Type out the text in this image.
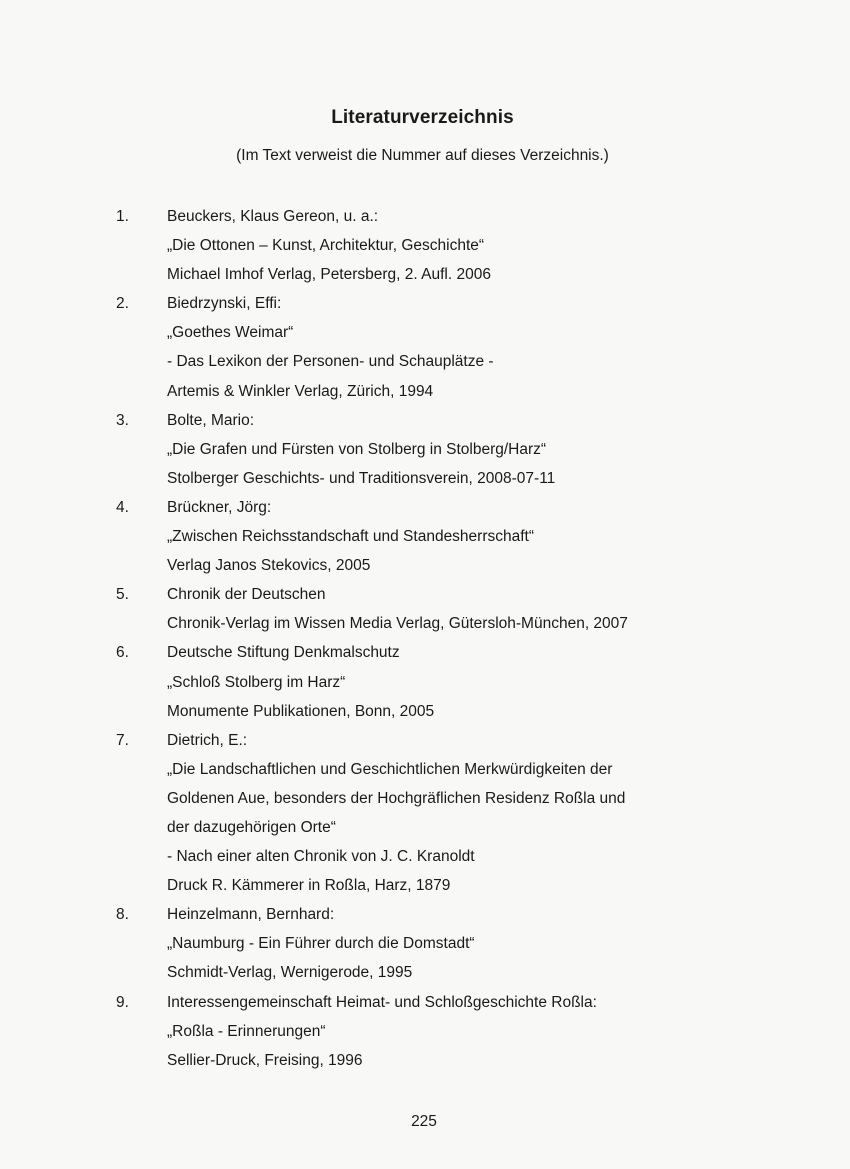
Literaturverzeichnis
(Im Text verweist die Nummer auf dieses Verzeichnis.)
1.	Beuckers, Klaus Gereon, u. a.:
„Die Ottonen – Kunst, Architektur, Geschichte“
Michael Imhof Verlag, Petersberg, 2. Aufl. 2006
2.	Biedrzynski, Effi:
„Goethes Weimar“
- Das Lexikon der Personen- und Schauplätze -
Artemis & Winkler Verlag, Zürich, 1994
3.	Bolte, Mario:
„Die Grafen und Fürsten von Stolberg in Stolberg/Harz“
Stolberger Geschichts- und Traditionsverein, 2008-07-11
4.	Brückner, Jörg:
„Zwischen Reichsstandschaft und Standesherrschaft“
Verlag Janos Stekovics, 2005
5.	Chronik der Deutschen
Chronik-Verlag im Wissen Media Verlag, Gütersloh-München, 2007
6.	Deutsche Stiftung Denkmalschutz
„Schloß Stolberg im Harz“
Monumente Publikationen, Bonn, 2005
7.	Dietrich, E.:
„Die Landschaftlichen und Geschichtlichen Merkwürdigkeiten der
Goldenen Aue, besonders der Hochgräflichen Residenz Roßla und
der dazugehörigen Orte“
- Nach einer alten Chronik von J. C. Kranoldt
Druck R. Kämmerer in Roßla, Harz, 1879
8.	Heinzelmann, Bernhard:
„Naumburg - Ein Führer durch die Domstadt“
Schmidt-Verlag, Wernigerode, 1995
9.	Interessengemeinschaft Heimat- und Schloßgeschichte Roßla:
„Roßla - Erinnerungen“
Sellier-Druck, Freising, 1996
225
